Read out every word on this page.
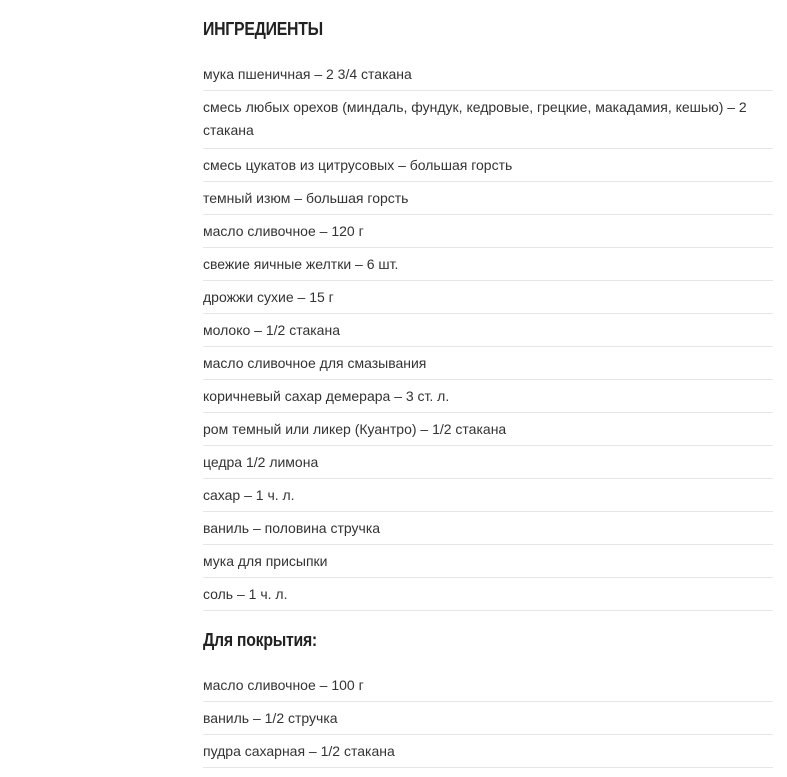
ИНГРЕДИЕНТЫ
мука пшеничная – 2 3/4 стакана
смесь любых орехов (миндаль, фундук, кедровые, грецкие, макадамия, кешью) – 2 стакана
смесь цукатов из цитрусовых – большая горсть
темный изюм – большая горсть
масло сливочное – 120 г
свежие яичные желтки – 6 шт.
дрожжи сухие – 15 г
молоко – 1/2 стакана
масло сливочное для смазывания
коричневый сахар демерара – 3 ст. л.
ром темный или ликер (Куантро) – 1/2 стакана
цедра 1/2 лимона
сахар – 1 ч. л.
ваниль – половина стручка
мука для присыпки
соль – 1 ч. л.
Для покрытия:
масло сливочное – 100 г
ваниль – 1/2 стручка
пудра сахарная – 1/2 стакана
